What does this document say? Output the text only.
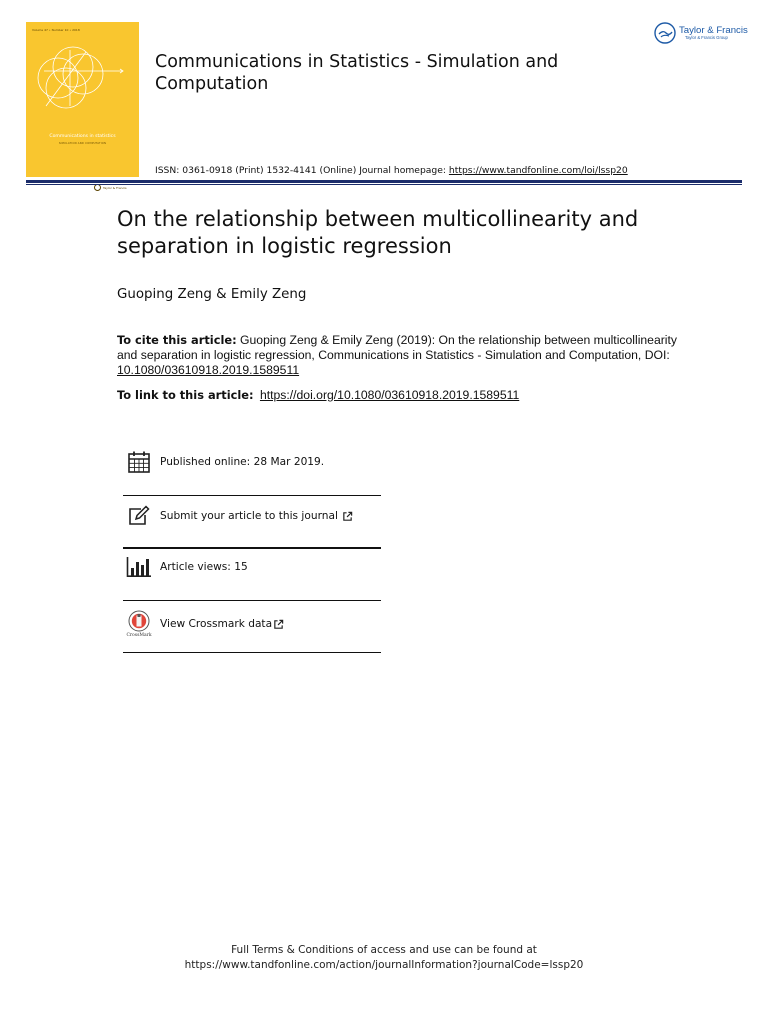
Volume 47 • Number 10 • 2018
Communications in statistics
SIMULATION AND COMPUTATION
Taylor & Francis
Communications in Statistics - Simulation and Computation
ISSN: 0361-0918 (Print) 1532-4141 (Online) Journal homepage: https://www.tandfonline.com/loi/lssp20
Taylor & Francis
Taylor & Francis Group
On the relationship between multicollinearity and separation in logistic regression
Guoping Zeng & Emily Zeng
To cite this article: Guoping Zeng & Emily Zeng (2019): On the relationship between multicollinearity and separation in logistic regression, Communications in Statistics - Simulation and Computation, DOI: 10.1080/03610918.2019.1589511
To link to this article: https://doi.org/10.1080/03610918.2019.1589511
Published online: 28 Mar 2019.
Submit your article to this journal
Article views: 15
CrossMark
View Crossmark data
Full Terms & Conditions of access and use can be found at
https://www.tandfonline.com/action/journalInformation?journalCode=lssp20
